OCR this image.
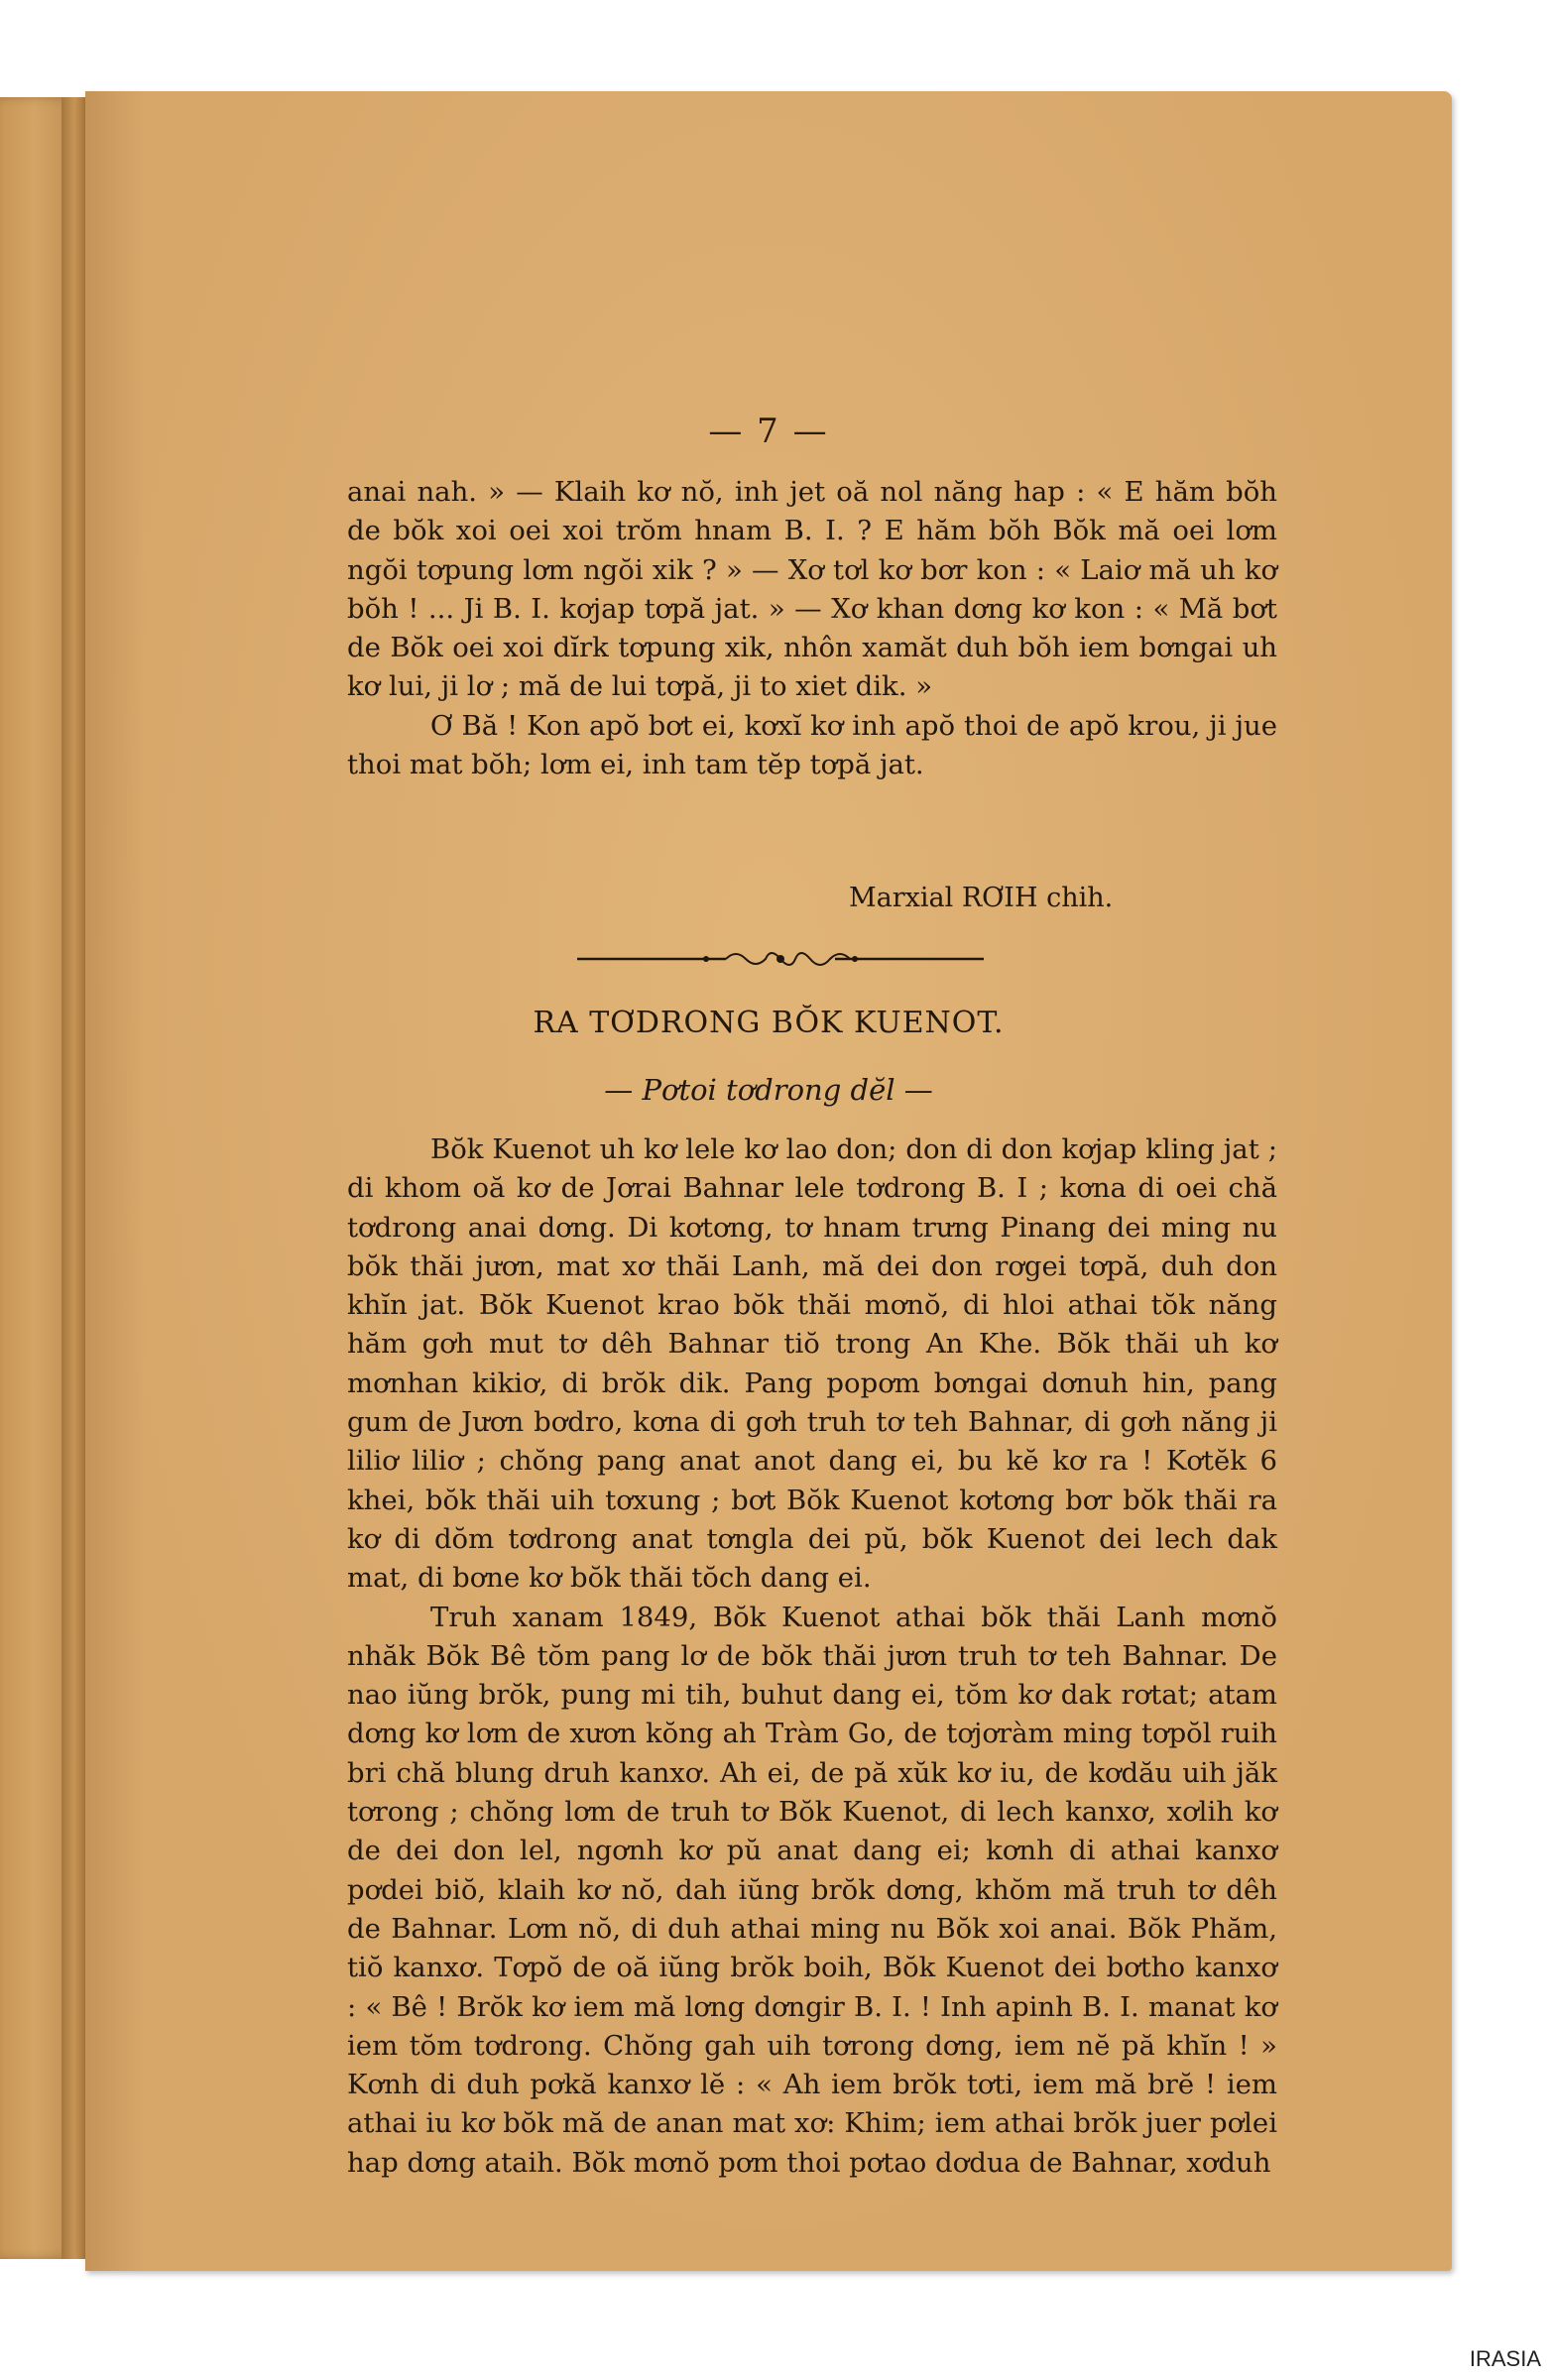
— 7 —

anai nah. » — Klaih kơ nŏ, inh jet oă nol năng hap : « E hăm bŏh de bŏk xoi oei xoi trŏm hnam B. I. ? E hăm bŏh Bŏk mă oei lơm ngŏi tơpung lơm ngŏi xik ? » — Xơ tơl kơ bơr kon : « Laiơ mă uh kơ bŏh ! ... Ji B. I. kơjap tơpă jat. » — Xơ khan dơng kơ kon : « Mă bơt de Bŏk oei xoi dĭrk tơpung xik, nhôn xamăt duh bŏh iem bơngai uh kơ lui, ji lơ ; mă de lui tơpă, ji to xiet dik. »

Ơ Bă ! Kon apŏ bơt ei, kơxĭ kơ inh apŏ thoi de apŏ krou, ji jue thoi mat bŏh; lơm ei, inh tam tĕp tơpă jat.

Marxial RƠIH chih.
RA TƠDRONG BŎK KUENOT.
— Pơtoi tơdrong dĕl —

Bŏk Kuenot uh kơ lele kơ lao don; don di don kơjap kling jat ; di khom oă kơ de Jơrai Bahnar lele tơdrong B. I ; kơna di oei chă tơdrong anai dơng. Di kơtơng, tơ hnam trưng Pinang dei ming nu bŏk thăi jươn, mat xơ thăi Lanh, mă dei don rơgei tơpă, duh don khĭn jat. Bŏk Kuenot krao bŏk thăi mơnŏ, di hloi athai tŏk năng hăm gơh mut tơ dêh Bahnar tiŏ trong An Khe. Bŏk thăi uh kơ mơnhan kikiơ, di brŏk dik. Pang popơm bơngai dơnuh hin, pang gum de Jươn bơdro, kơna di gơh truh tơ teh Bahnar, di gơh năng ji liliơ liliơ ; chŏng pang anat anot dang ei, bu kĕ kơ ra ! Kơtĕk 6 khei, bŏk thăi uih tơxung ; bơt Bŏk Kuenot kơtơng bơr bŏk thăi ra kơ di dŏm tơdrong anat tơngla dei pŭ, bŏk Kuenot dei lech dak mat, di bơne kơ bŏk thăi tŏch dang ei.

Truh xanam 1849, Bŏk Kuenot athai bŏk thăi Lanh mơnŏ nhăk Bŏk Bê tŏm pang lơ de bŏk thăi jươn truh tơ teh Bahnar. De nao iŭng brŏk, pung mi tih, buhut dang ei, tŏm kơ dak rơtat; atam dơng kơ lơm de xươn kŏng ah Tràm Go, de tơjơràm ming tơpŏl ruih bri chă blung druh kanxơ. Ah ei, de pă xŭk kơ iu, de kơdău uih jăk tơrong ; chŏng lơm de truh tơ Bŏk Kuenot, di lech kanxơ, xơlih kơ de dei don lel, ngơnh kơ pŭ anat dang ei; kơnh di athai kanxơ pơdei biŏ, klaih kơ nŏ, dah iŭng brŏk dơng, khŏm mă truh tơ dêh de Bahnar. Lơm nŏ, di duh athai ming nu Bŏk xoi anai. Bŏk Phăm, tiŏ kanxơ. Tơpŏ de oă iŭng brŏk boih, Bŏk Kuenot dei bơtho kanxơ : « Bê ! Brŏk kơ iem mă lơng dơngir B. I. ! Inh apinh B. I. manat kơ iem tŏm tơdrong. Chŏng gah uih tơrong dơng, iem nĕ pă khĭn ! » Kơnh di duh pơkă kanxơ lĕ : « Ah iem brŏk tơti, iem mă brĕ ! iem athai iu kơ bŏk mă de anan mat xơ: Khim; iem athai brŏk juer pơlei hap dơng ataih. Bŏk mơnŏ pơm thoi pơtao dơdua de Bahnar, xơduh

IRASIA
